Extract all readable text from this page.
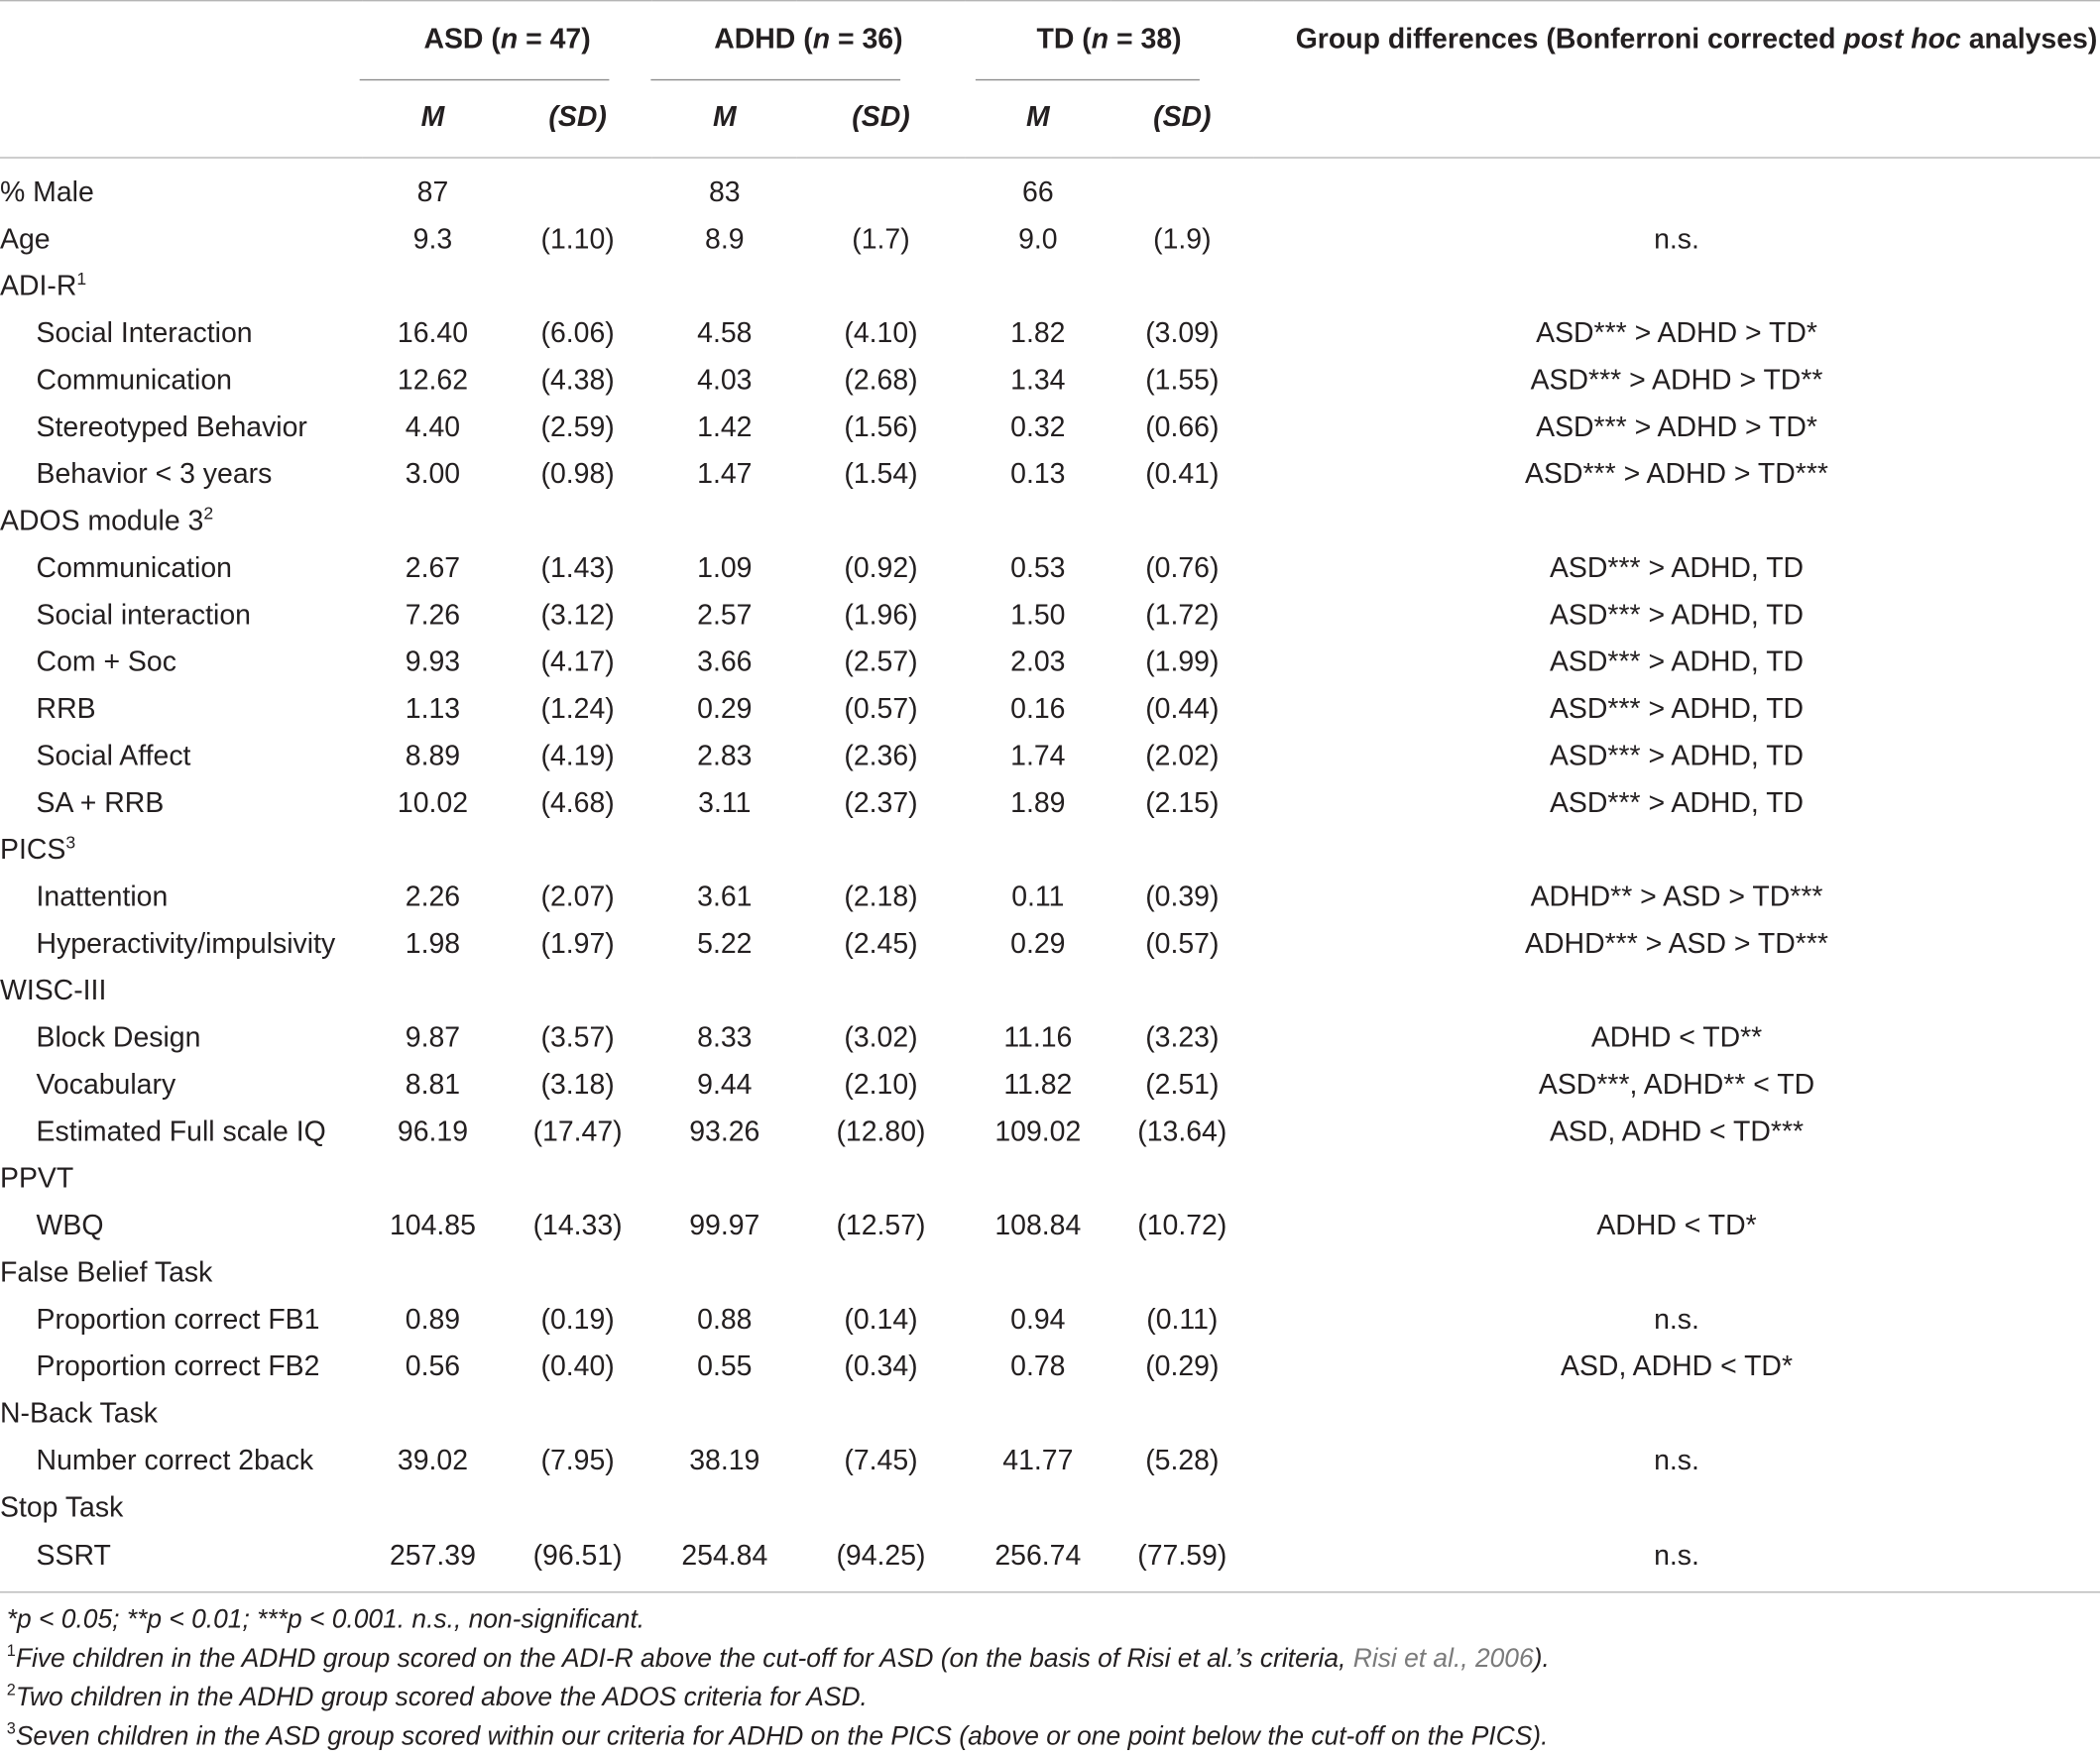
	ASD (n = 47)		ADHD (n = 36)		TD (n = 38)		Group differences (Bonferroni corrected post hoc analyses)

M	(SD)	M	(SD)	M	(SD)	

% Male	87		83		66		
Age	9.3	(1.10)	8.9	(1.7)	9.0	(1.9)	n.s.
ADI-$R^1$							
Social Interaction	16.40	(6.06)	4.58	(4.10)	1.82	(3.09)	ASD*** > ADHD > TD*
Communication	12.62	(4.38)	4.03	(2.68)	1.34	(1.55)	ASD*** > ADHD > TD**
Stereotyped Behavior	4.40	(2.59)	1.42	(1.56)	0.32	(0.66)	ASD*** > ADHD > TD*
Behavior < 3 years	3.00	(0.98)	1.47	(1.54)	0.13	(0.41)	ASD*** > ADHD > TD***
ADOS module $3^2$							
Communication	2.67	(1.43)	1.09	(0.92)	0.53	(0.76)	ASD*** > ADHD, TD
Social interaction	7.26	(3.12)	2.57	(1.96)	1.50	(1.72)	ASD*** > ADHD, TD
Com + Soc	9.93	(4.17)	3.66	(2.57)	2.03	(1.99)	ASD*** > ADHD, TD
RRB	1.13	(1.24)	0.29	(0.57)	0.16	(0.44)	ASD*** > ADHD, TD
Social Affect	8.89	(4.19)	2.83	(2.36)	1.74	(2.02)	ASD*** > ADHD, TD
SA + RRB	10.02	(4.68)	3.11	(2.37)	1.89	(2.15)	ASD*** > ADHD, TD
PICS$^3$							
Inattention	2.26	(2.07)	3.61	(2.18)	0.11	(0.39)	ADHD** > ASD > TD***
Hyperactivity/impulsivity	1.98	(1.97)	5.22	(2.45)	0.29	(0.57)	ADHD*** > ASD > TD***
WISC-III							
Block Design	9.87	(3.57)	8.33	(3.02)	11.16	(3.23)	ADHD < TD**
Vocabulary	8.81	(3.18)	9.44	(2.10)	11.82	(2.51)	ASD***, ADHD** < TD
Estimated Full scale IQ	96.19	(17.47)	93.26	(12.80)	109.02	(13.64)	ASD, ADHD < TD***
PPVT							
WBQ	104.85	(14.33)	99.97	(12.57)	108.84	(10.72)	ADHD < TD*
False Belief Task							
Proportion correct FB1	0.89	(0.19)	0.88	(0.14)	0.94	(0.11)	n.s.
Proportion correct FB2	0.56	(0.40)	0.55	(0.34)	0.78	(0.29)	ASD, ADHD < TD*
N-Back Task							
Number correct 2back	39.02	(7.95)	38.19	(7.45)	41.77	(5.28)	n.s.
Stop Task							
SSRT	257.39	(96.51)	254.84	(94.25)	256.74	(77.59)	n.s.
*p < 0.05; **p < 0.01; ***p < 0.001. n.s., non-significant.
$^1$Five children in the ADHD group scored on the ADI-R above the cut-off for ASD (on the basis of Risi et al.’s criteria, Risi et al., 2006).
$^2$Two children in the ADHD group scored above the ADOS criteria for ASD.
$^3$Seven children in the ASD group scored within our criteria for ADHD on the PICS (above or one point below the cut-off on the PICS).
